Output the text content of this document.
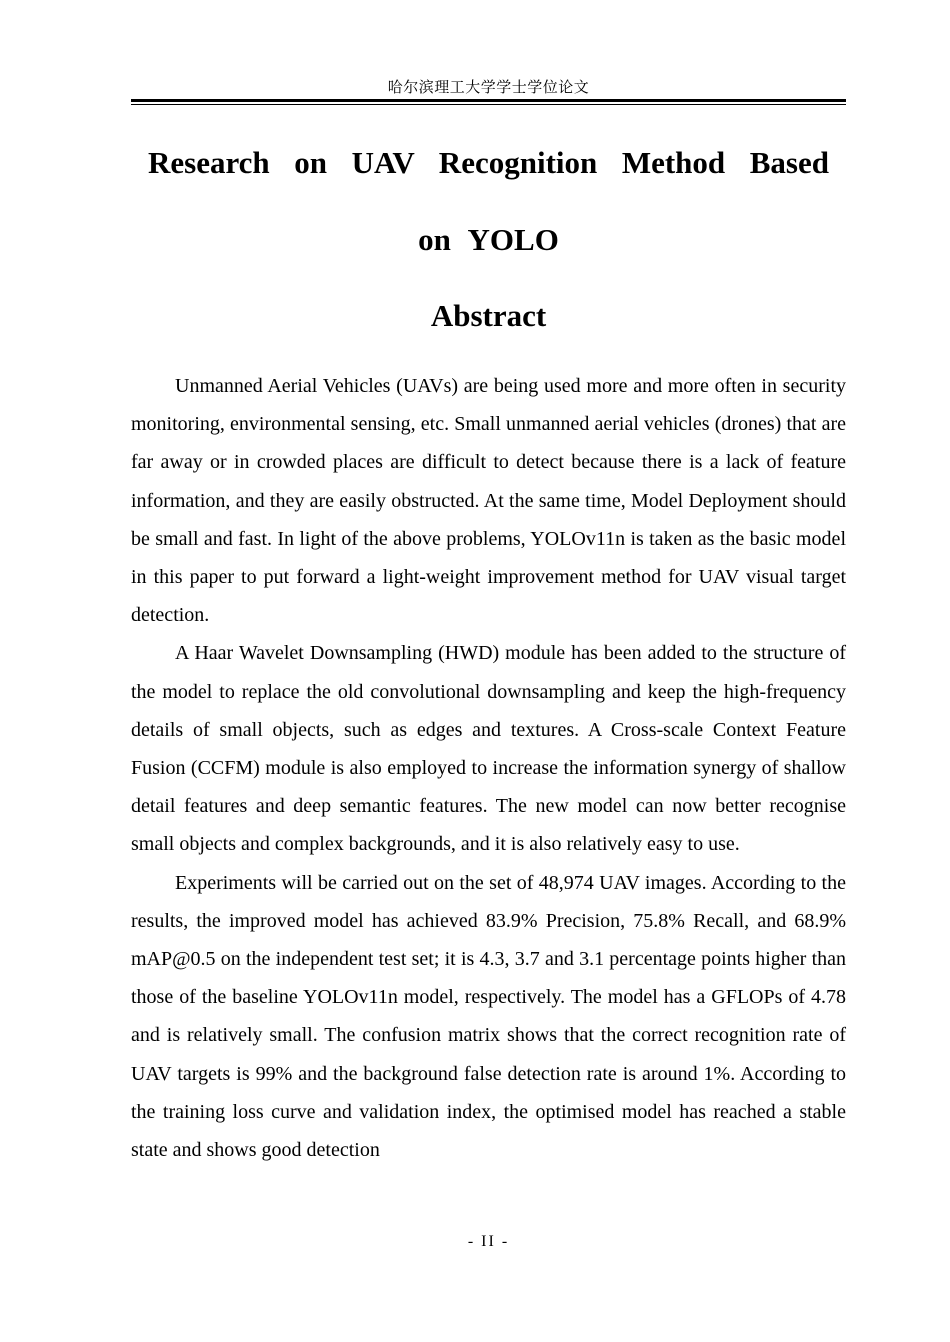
哈尔滨理工大学学士学位论文
Research on UAV Recognition Method Based
on YOLO
Abstract

Unmanned Aerial Vehicles (UAVs) are being used more and more often in security monitoring, environmental sensing, etc. Small unmanned aerial vehicles (drones) that are far away or in crowded places are difficult to detect because there is a lack of feature information, and they are easily obstructed. At the same time, Model Deployment should be small and fast. In light of the above problems, YOLOv11n is taken as the basic model in this paper to put forward a light-weight improvement method for UAV visual target detection.

A Haar Wavelet Downsampling (HWD) module has been added to the structure of the model to replace the old convolutional downsampling and keep the high-frequency details of small objects, such as edges and textures. A Cross-scale Context Feature Fusion (CCFM) module is also employed to increase the information synergy of shallow detail features and deep semantic features. The new model can now better recognise small objects and complex backgrounds, and it is also relatively easy to use.

Experiments will be carried out on the set of 48,974 UAV images. According to the results, the improved model has achieved 83.9% Precision, 75.8% Recall, and 68.9% mAP@0.5 on the independent test set; it is 4.3, 3.7 and 3.1 percentage points higher than those of the baseline YOLOv11n model, respectively. The model has a GFLOPs of 4.78 and is relatively small. The confusion matrix shows that the correct recognition rate of UAV targets is 99% and the background false detection rate is around 1%. According to the training loss curve and validation index, the optimised model has reached a stable state and shows good detection

- II -
